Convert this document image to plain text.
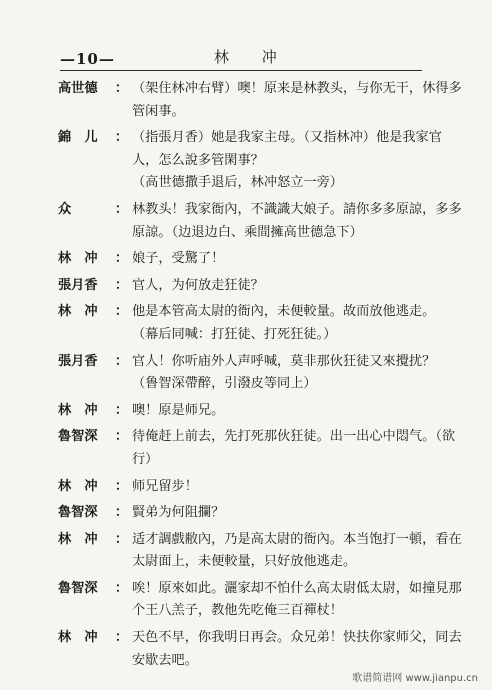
—10—	林 冲
高世德 ： （架住林冲右臂）噢！原来是林教头，与你无干，休得多管闲事。
錦　儿 ： （指張月香）她是我家主母。（又指林冲）他是我家官人，怎么說多管閑事？
（高世德撒手退后，林冲怒立一旁）
众	： 林教头！我家衙內，不識識大娘子。請你多多原諒，多多原諒。（边退边白、乘間擁高世德急下）
林　冲 ： 娘子，受驚了！
張月香 ： 官人，为何放走狂徒？
林　冲 ： 他是本管高太尉的衙內，未便較量。故而放他逃走。
（幕后同喊：打狂徒、打死狂徒。）
張月香 ： 官人！你听庙外人声呼喊，莫非那伙狂徒又來攪扰？
（鲁智深帶醉，引潑皮等同上）
林　冲 ： 噢！原是师兄。
魯智深 ： 待俺赶上前去，先打死那伙狂徒。出一出心中悶气。（欲行）
林　冲 ： 师兄留步！
魯智深 ： 賢弟为何阻攔？
林　冲 ： 适才調戲敝內，乃是高太尉的衙內。本当饱打一頓，看在太尉面上，未便較量，只好放他逃走。
魯智深 ： 唉！原來如此。灑家却不怕什么高太尉低太尉，如撞見那个王八羔子，教他先吃俺三百禪杖！
林　冲 ： 天色不早，你我明日再会。众兄弟！快扶你家师父，同去安歇去吧。
歌谱简谱网 www.jianpu.cn
